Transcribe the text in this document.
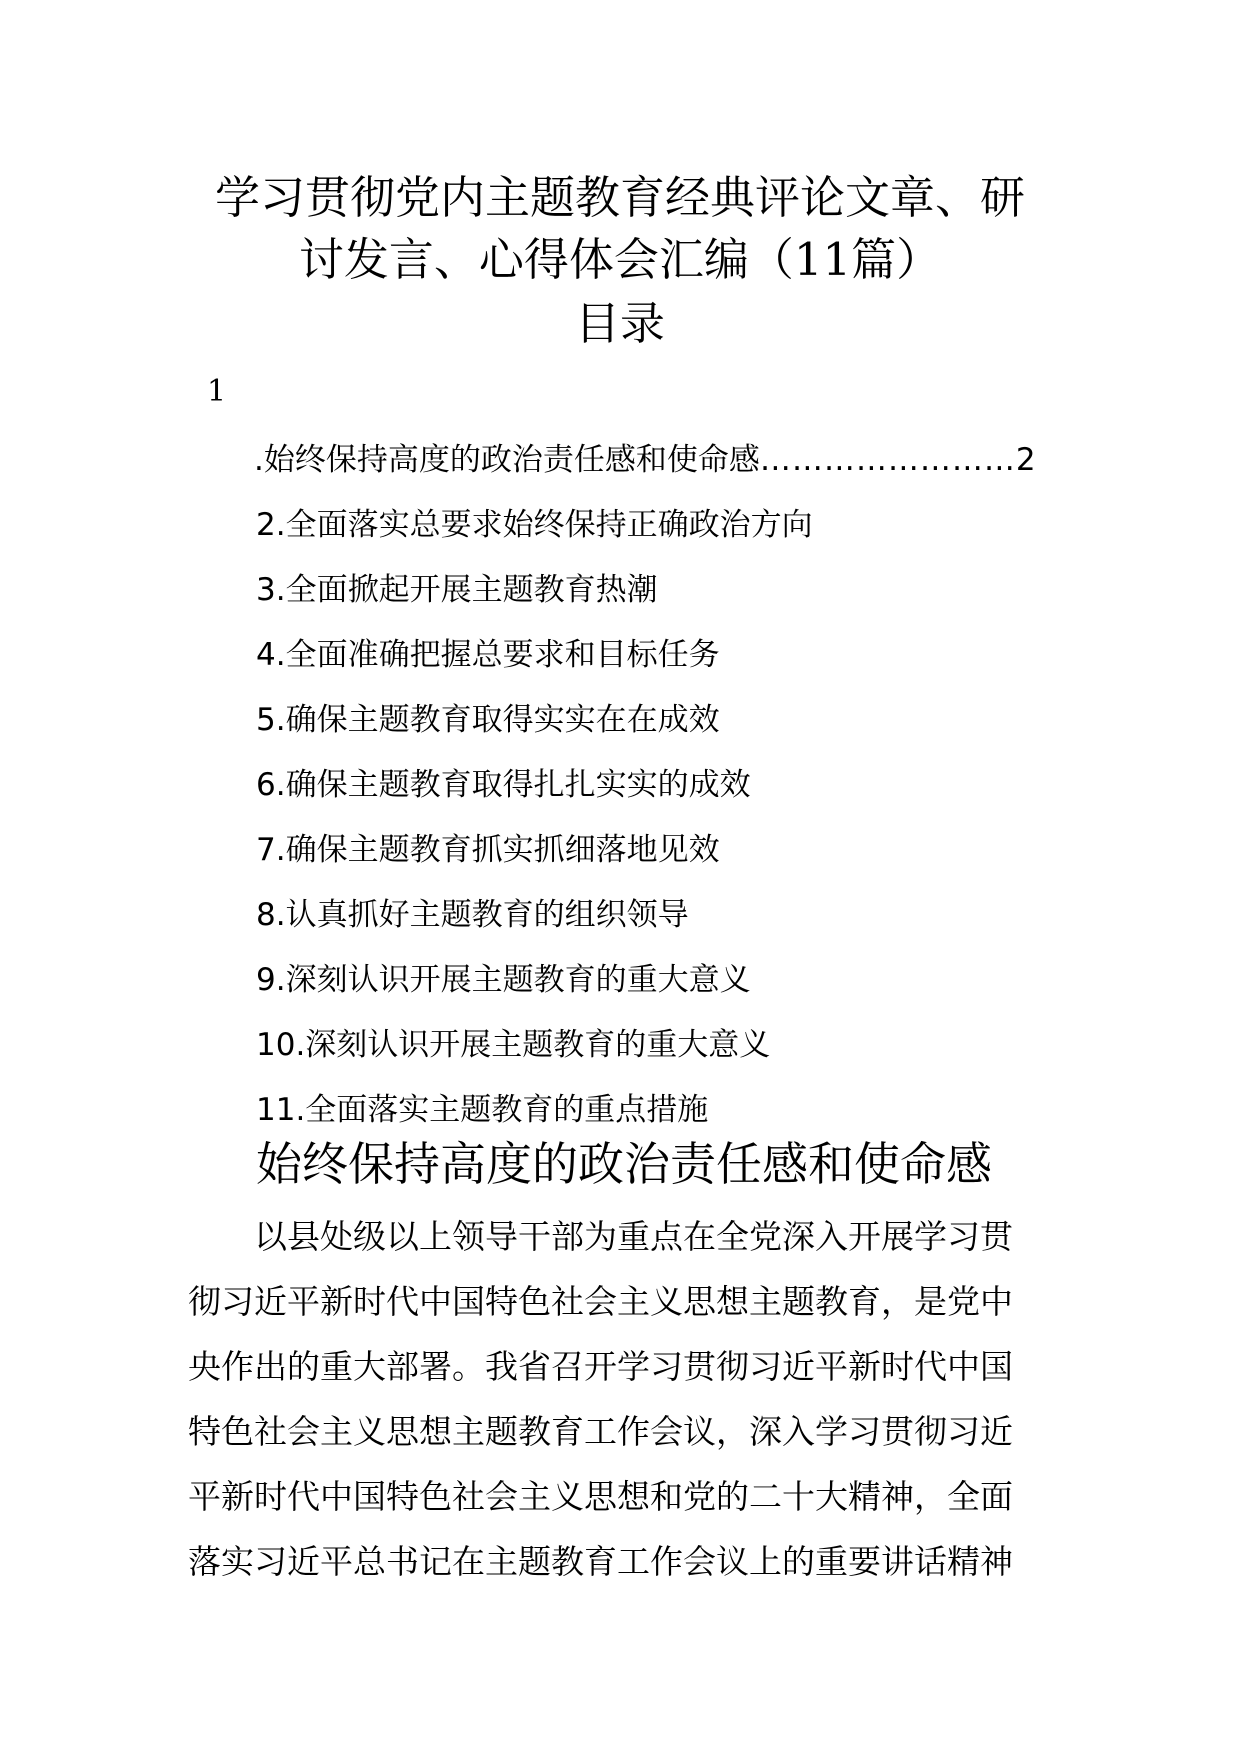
学习贯彻党内主题教育经典评论文章、研
讨发言、心得体会汇编（11篇）
目录
1
.始终保持高度的政治责任感和使命感 …………………… 2
2.全面落实总要求始终保持正确政治方向
3.全面掀起开展主题教育热潮
4.全面准确把握总要求和目标任务
5.确保主题教育取得实实在在成效
6.确保主题教育取得扎扎实实的成效
7.确保主题教育抓实抓细落地见效
8.认真抓好主题教育的组织领导
9.深刻认识开展主题教育的重大意义
10.深刻认识开展主题教育的重大意义
11.全面落实主题教育的重点措施
始终保持高度的政治责任感和使命感

以县处级以上领导干部为重点在全党深入开展学习贯
彻习近平新时代中国特色社会主义思想主题教育，是党中
央作出的重大部署。我省召开学习贯彻习近平新时代中国
特色社会主义思想主题教育工作会议，深入学习贯彻习近
平新时代中国特色社会主义思想和党的二十大精神，全面
落实习近平总书记在主题教育工作会议上的重要讲话精神
